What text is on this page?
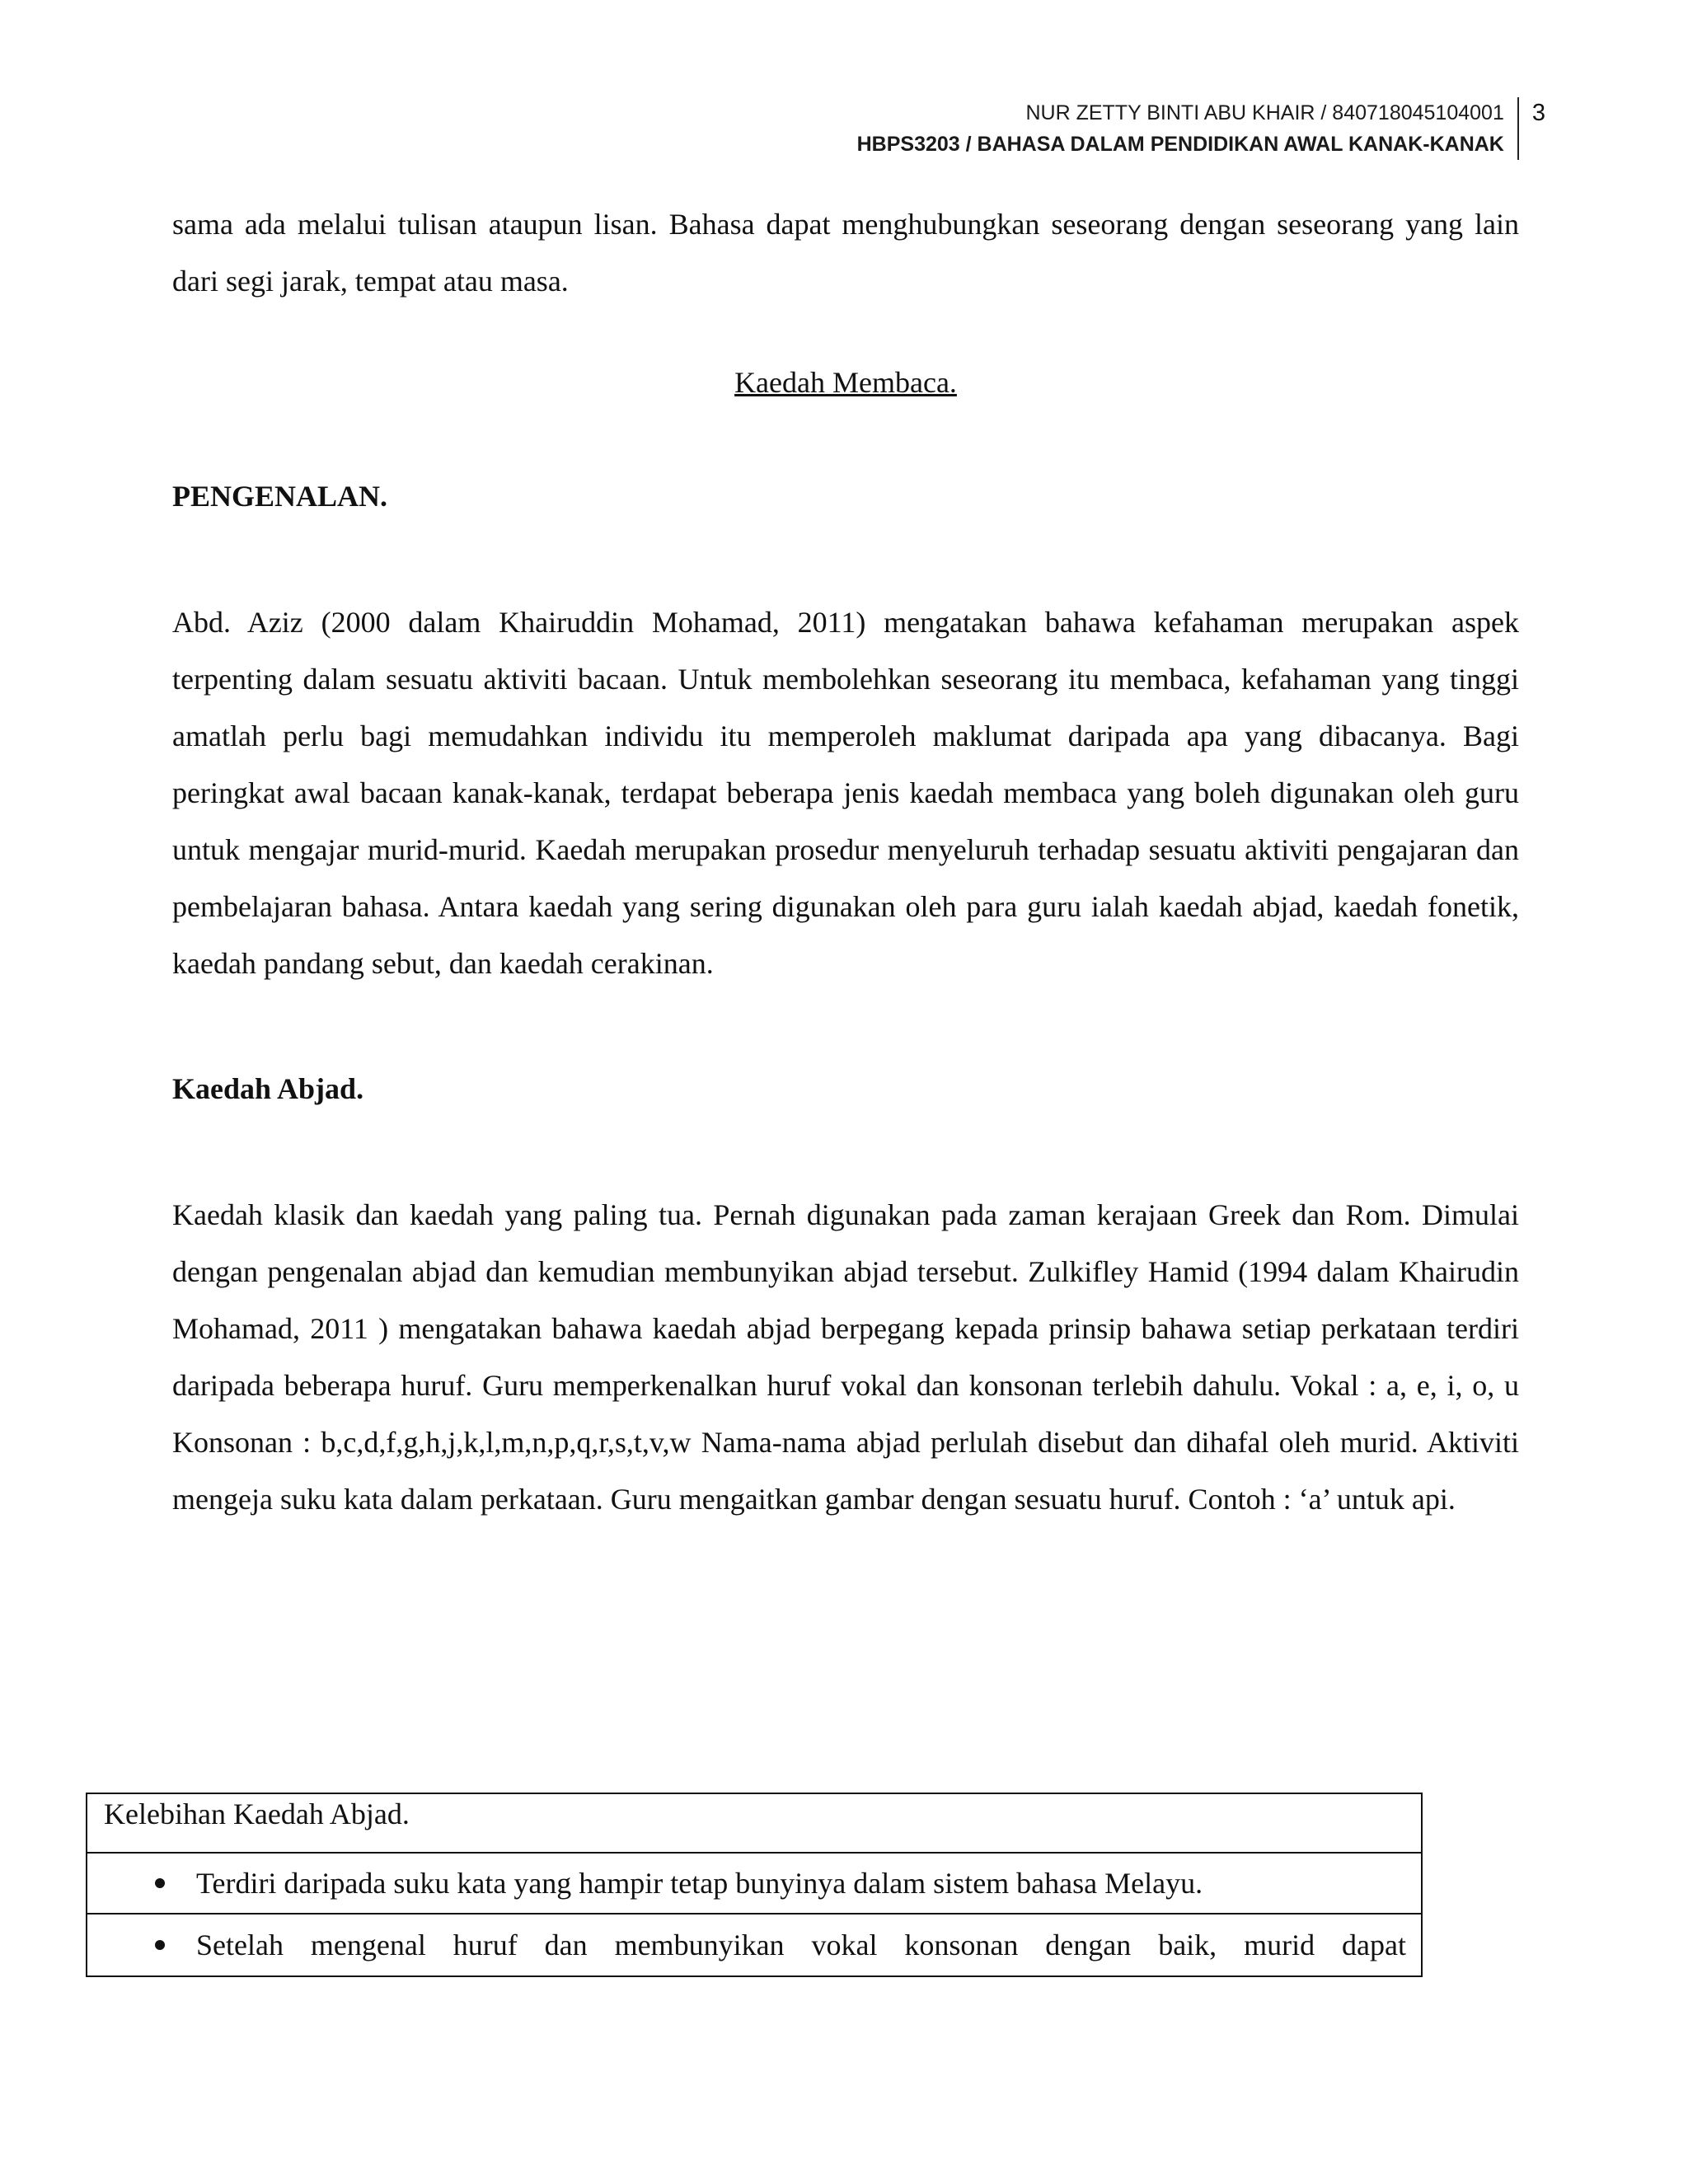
NUR ZETTY BINTI ABU KHAIR / 840718045104001
HBPS3203 / BAHASA DALAM PENDIDIKAN AWAL KANAK-KANAK
3

sama ada melalui tulisan ataupun lisan. Bahasa dapat menghubungkan seseorang dengan seseorang yang lain dari segi jarak, tempat atau masa.

Kaedah Membaca.

PENGENALAN.

Abd. Aziz (2000 dalam Khairuddin Mohamad, 2011) mengatakan bahawa kefahaman merupakan aspek terpenting dalam sesuatu aktiviti bacaan. Untuk membolehkan seseorang itu membaca, kefahaman yang tinggi amatlah perlu bagi memudahkan individu itu memperoleh maklumat daripada apa yang dibacanya. Bagi peringkat awal bacaan kanak-kanak, terdapat beberapa jenis kaedah membaca yang boleh digunakan oleh guru untuk mengajar murid-murid. Kaedah merupakan prosedur menyeluruh terhadap sesuatu aktiviti pengajaran dan pembelajaran bahasa. Antara kaedah yang sering digunakan oleh para guru ialah kaedah abjad, kaedah fonetik, kaedah pandang sebut, dan kaedah cerakinan.

Kaedah Abjad.

Kaedah klasik dan kaedah yang paling tua. Pernah digunakan pada zaman kerajaan Greek dan Rom. Dimulai dengan pengenalan abjad dan kemudian membunyikan abjad tersebut. Zulkifley Hamid (1994 dalam Khairudin Mohamad, 2011 ) mengatakan bahawa kaedah abjad berpegang kepada prinsip bahawa setiap perkataan terdiri daripada beberapa huruf. Guru memperkenalkan huruf vokal dan konsonan terlebih dahulu. Vokal : a, e, i, o, u Konsonan : b,c,d,f,g,h,j,k,l,m,n,p,q,r,s,t,v,w Nama-nama abjad perlulah disebut dan dihafal oleh murid. Aktiviti mengeja suku kata dalam perkataan. Guru mengaitkan gambar dengan sesuatu huruf. Contoh : ‘a’ untuk api.

Kelebihan Kaedah Abjad.
Terdiri daripada suku kata yang hampir tetap bunyinya dalam sistem bahasa Melayu.
Setelah mengenal huruf dan membunyikan vokal konsonan dengan baik, murid dapat
